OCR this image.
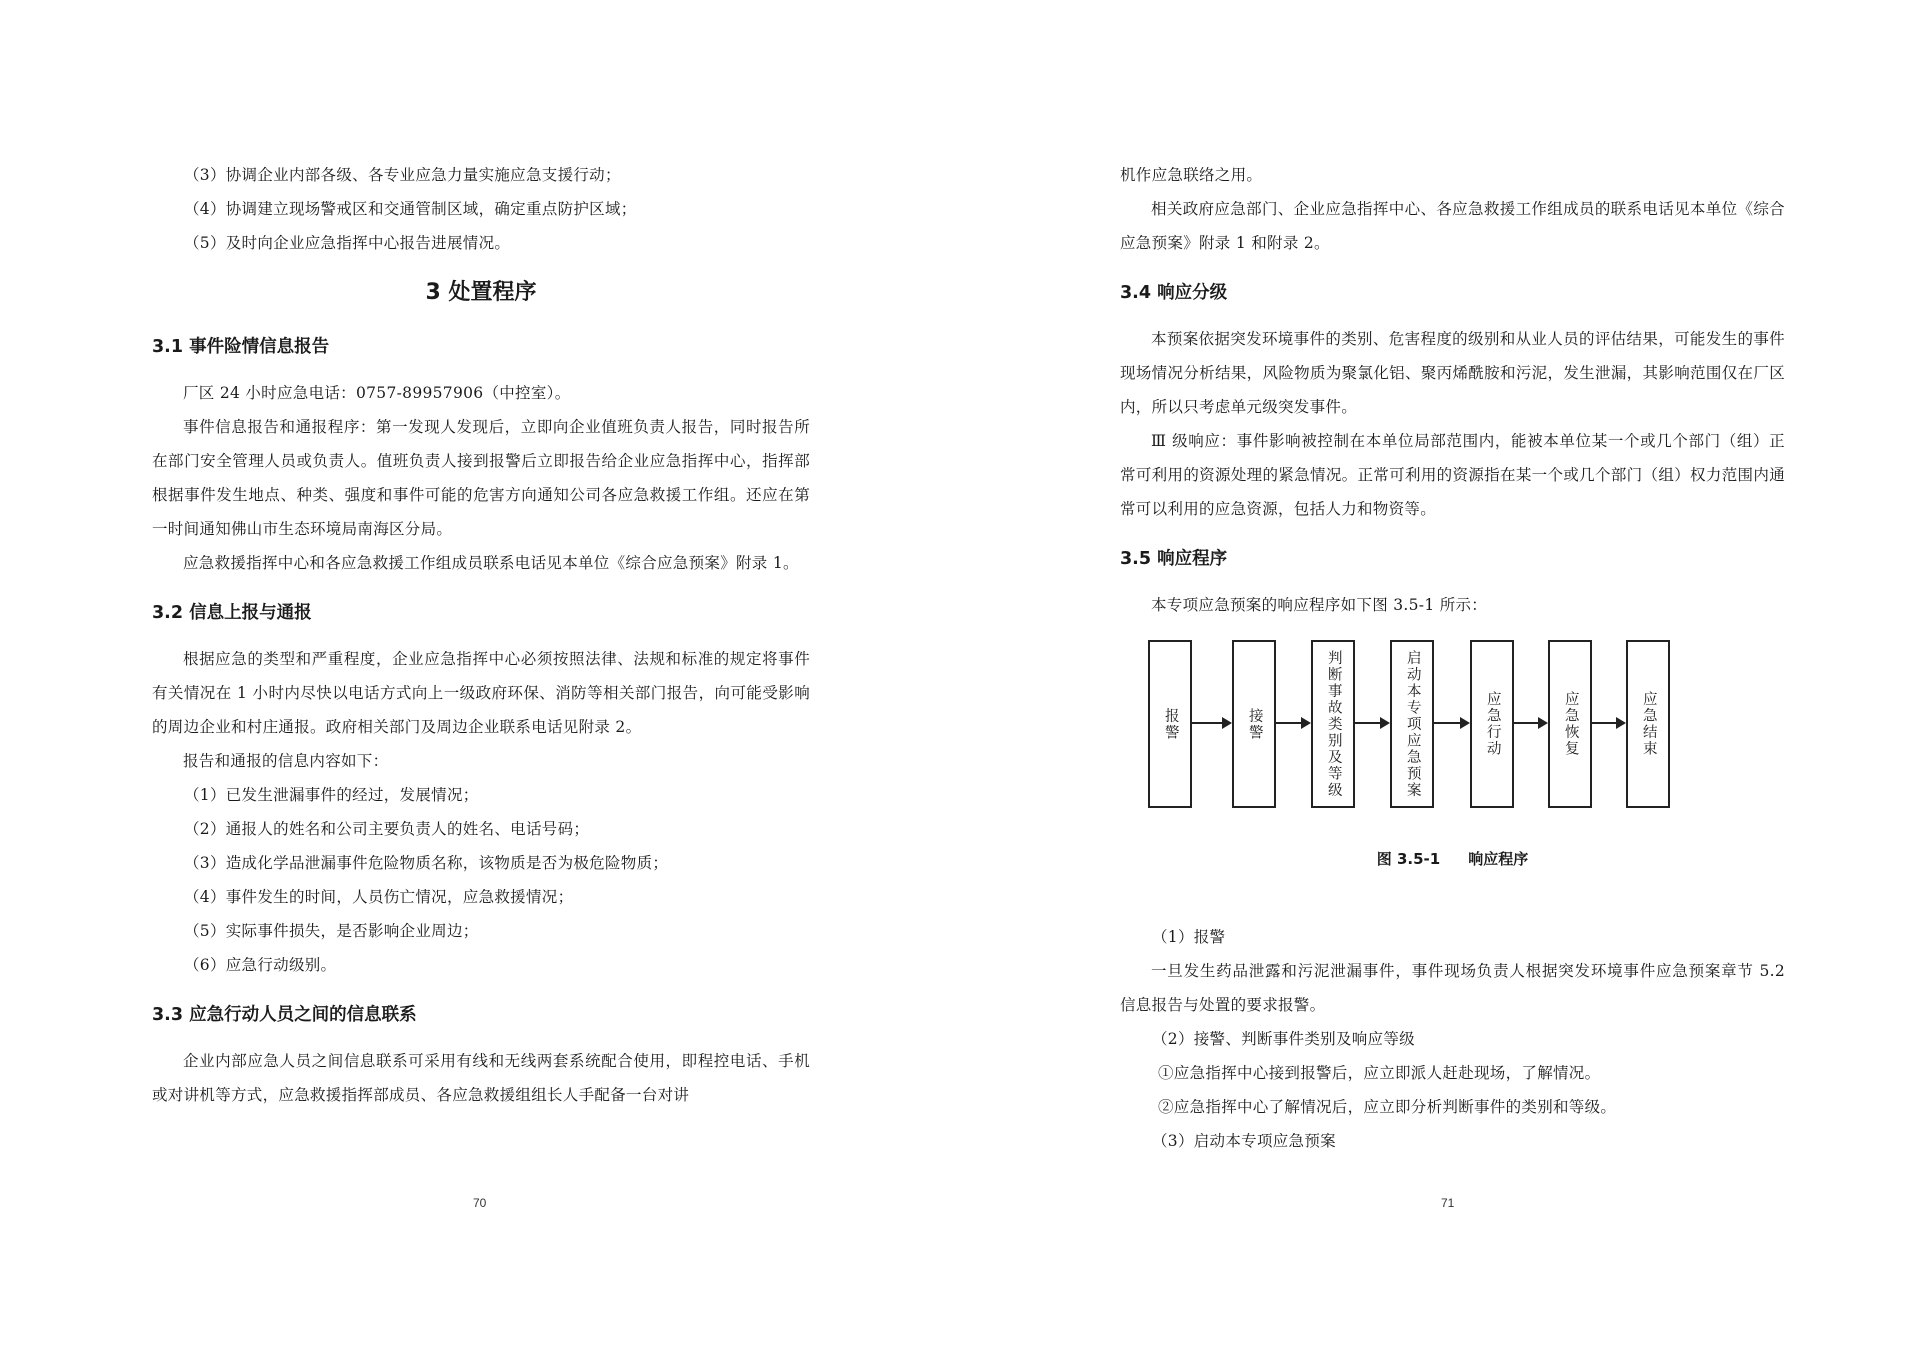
（3）协调企业内部各级、各专业应急力量实施应急支援行动；

（4）协调建立现场警戒区和交通管制区域，确定重点防护区域；

（5）及时向企业应急指挥中心报告进展情况。

3 处置程序
3.1 事件险情信息报告

厂区 24 小时应急电话：0757-89957906（中控室）。

事件信息报告和通报程序：第一发现人发现后，立即向企业值班负责人报告，同时报告所在部门安全管理人员或负责人。值班负责人接到报警后立即报告给企业应急指挥中心，指挥部根据事件发生地点、种类、强度和事件可能的危害方向通知公司各应急救援工作组。还应在第一时间通知佛山市生态环境局南海区分局。

应急救援指挥中心和各应急救援工作组成员联系电话见本单位《综合应急预案》附录 1。

3.2 信息上报与通报

根据应急的类型和严重程度，企业应急指挥中心必须按照法律、法规和标准的规定将事件有关情况在 1 小时内尽快以电话方式向上一级政府环保、消防等相关部门报告，向可能受影响的周边企业和村庄通报。政府相关部门及周边企业联系电话见附录 2。

报告和通报的信息内容如下：

（1）已发生泄漏事件的经过，发展情况；

（2）通报人的姓名和公司主要负责人的姓名、电话号码；

（3）造成化学品泄漏事件危险物质名称，该物质是否为极危险物质；

（4）事件发生的时间，人员伤亡情况，应急救援情况；

（5）实际事件损失，是否影响企业周边；

（6）应急行动级别。

3.3 应急行动人员之间的信息联系

企业内部应急人员之间信息联系可采用有线和无线两套系统配合使用，即程控电话、手机或对讲机等方式，应急救援指挥部成员、各应急救援组组长人手配备一台对讲

70

机作应急联络之用。

相关政府应急部门、企业应急指挥中心、各应急救援工作组成员的联系电话见本单位《综合应急预案》附录 1 和附录 2。

3.4 响应分级

本预案依据突发环境事件的类别、危害程度的级别和从业人员的评估结果，可能发生的事件现场情况分析结果，风险物质为聚氯化铝、聚丙烯酰胺和污泥，发生泄漏，其影响范围仅在厂区内，所以只考虑单元级突发事件。

Ⅲ 级响应：事件影响被控制在本单位局部范围内，能被本单位某一个或几个部门（组）正常可利用的资源处理的紧急情况。正常可利用的资源指在某一个或几个部门（组）权力范围内通常可以利用的应急资源，包括人力和物资等。

3.5 响应程序

本专项应急预案的响应程序如下图 3.5-1 所示：

报警	接警	判断事故类别及等级	启动本专项应急预案	应急行动	应急恢复	应急结束
图 3.5-1 响应程序

（1）报警

一旦发生药品泄露和污泥泄漏事件，事件现场负责人根据突发环境事件应急预案章节 5.2 信息报告与处置的要求报警。

（2）接警、判断事件类别及响应等级

①应急指挥中心接到报警后，应立即派人赶赴现场，了解情况。

②应急指挥中心了解情况后，应立即分析判断事件的类别和等级。

（3）启动本专项应急预案

71
